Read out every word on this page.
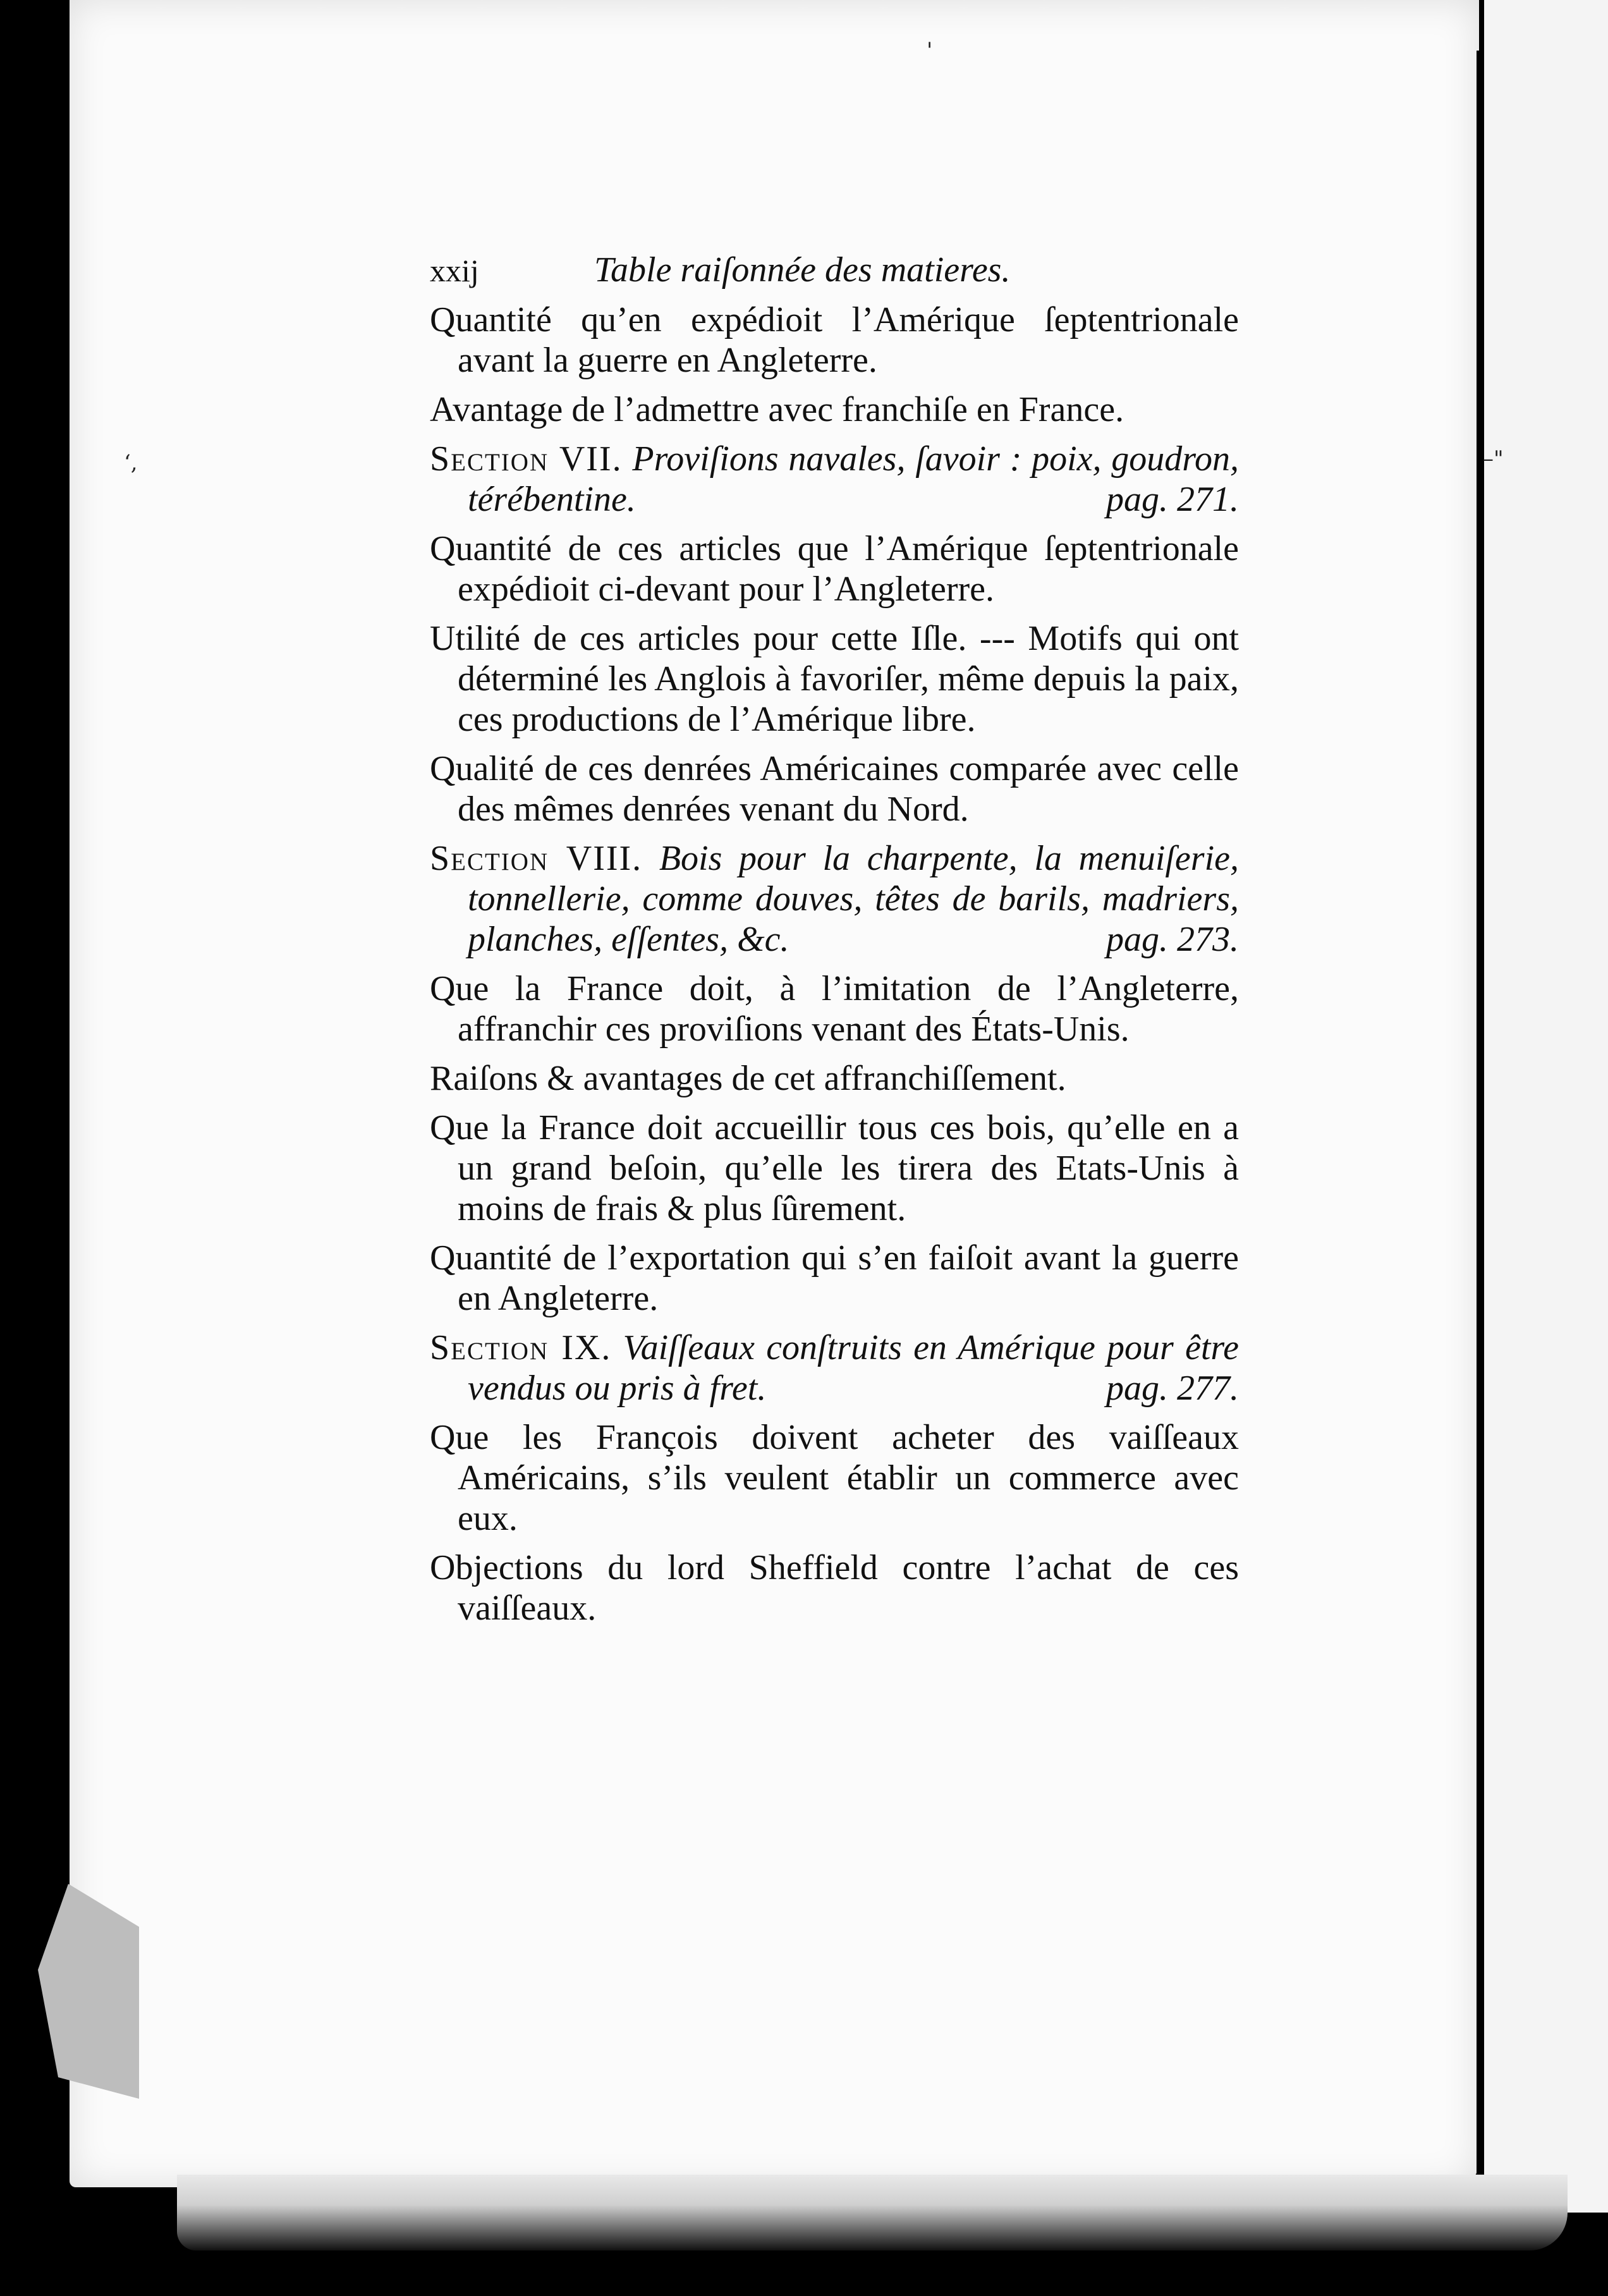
'
‘,	–"
xxij	Table raiſonnée des matieres.
Quantité qu’en expédioit l’Amérique ſeptentrionale avant la guerre en Angleterre.
Avantage de l’admettre avec franchiſe en France.
Section VII. Proviſions navales, ſavoir : poix, goudron, térébentine.	pag. 271.
Quantité de ces articles que l’Amérique ſeptentrionale expédioit ci-devant pour l’Angleterre.
Utilité de ces articles pour cette Iſle. --- Motifs qui ont déterminé les Anglois à favoriſer, même depuis la paix, ces productions de l’Amérique libre.
Qualité de ces denrées Américaines comparée avec celle des mêmes denrées venant du Nord.
Section VIII. Bois pour la charpente, la menuiſerie, tonnellerie, comme douves, têtes de barils, madriers, planches, eſſentes, &c.	pag. 273.
Que la France doit, à l’imitation de l’Angleterre, affranchir ces proviſions venant des États-Unis.
Raiſons & avantages de cet affranchiſſement.
Que la France doit accueillir tous ces bois, qu’elle en a un grand beſoin, qu’elle les tirera des Etats-Unis à moins de frais & plus ſûrement.
Quantité de l’exportation qui s’en faiſoit avant la guerre en Angleterre.
Section IX. Vaiſſeaux conſtruits en Amérique pour être vendus ou pris à fret.	pag. 277.
Que les François doivent acheter des vaiſſeaux Américains, s’ils veulent établir un commerce avec eux.
Objections du lord Sheffield contre l’achat de ces vaiſſeaux.
